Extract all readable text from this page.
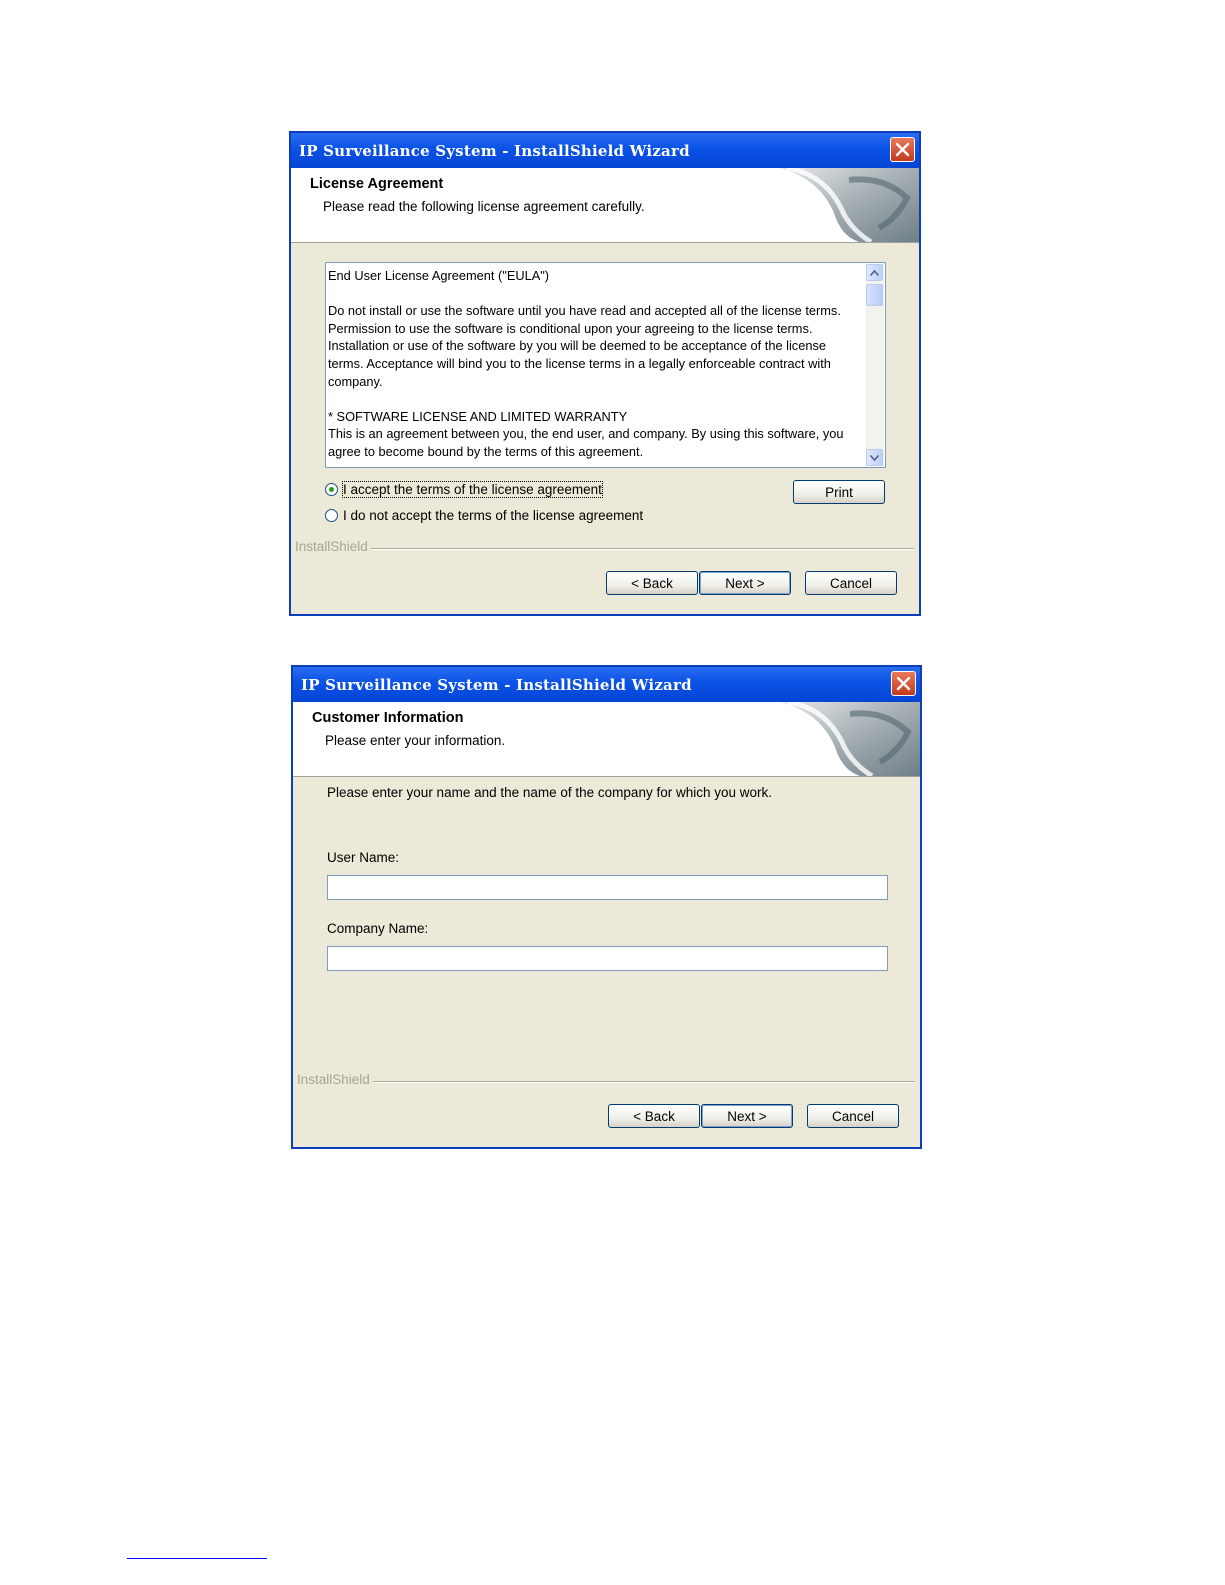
IP Surveillance System - InstallShield Wizard
License Agreement
Please read the following license agreement carefully.

End User License Agreement ("EULA")

Do not install or use the software until you have read and accepted all of the license terms. Permission to use the software is conditional upon your agreeing to the license terms. Installation or use of the software by you will be deemed to be acceptance of the license terms. Acceptance will bind you to the license terms in a legally enforceable contract with company.

* SOFTWARE LICENSE AND LIMITED WARRANTY
This is an agreement between you, the end user, and company. By using this software, you agree to become bound by the terms of this agreement.

I accept the terms of the license agreement
I do not accept the terms of the license agreement
Print
InstallShield
< Back	Next >	Cancel
IP Surveillance System - InstallShield Wizard
Customer Information
Please enter your information.
Please enter your name and the name of the company for which you work.
User Name:
Company Name:
InstallShield
< Back	Next >	Cancel
